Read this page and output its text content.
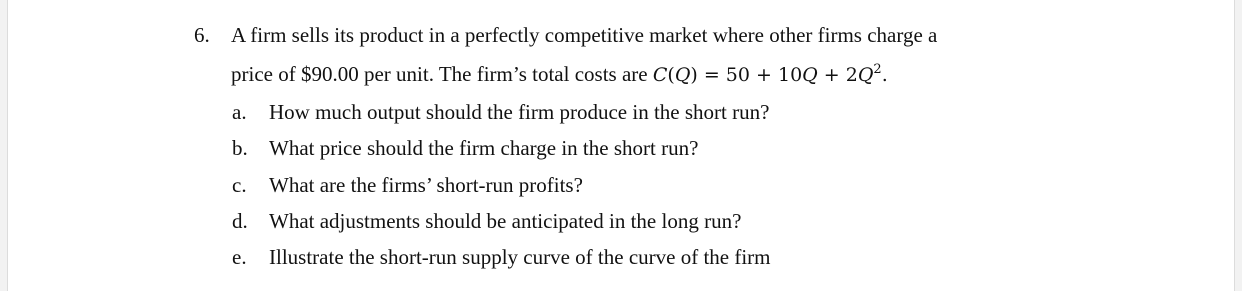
6. A firm sells its product in a perfectly competitive market where other firms charge a
price of $90.00 per unit. The firm’s total costs are $C(Q) = 50 + 10Q + 2Q^2$.
a. How much output should the firm produce in the short run?
b. What price should the firm charge in the short run?
c. What are the firms’ short-run profits?
d. What adjustments should be anticipated in the long run?
e. Illustrate the short-run supply curve of the curve of the firm
